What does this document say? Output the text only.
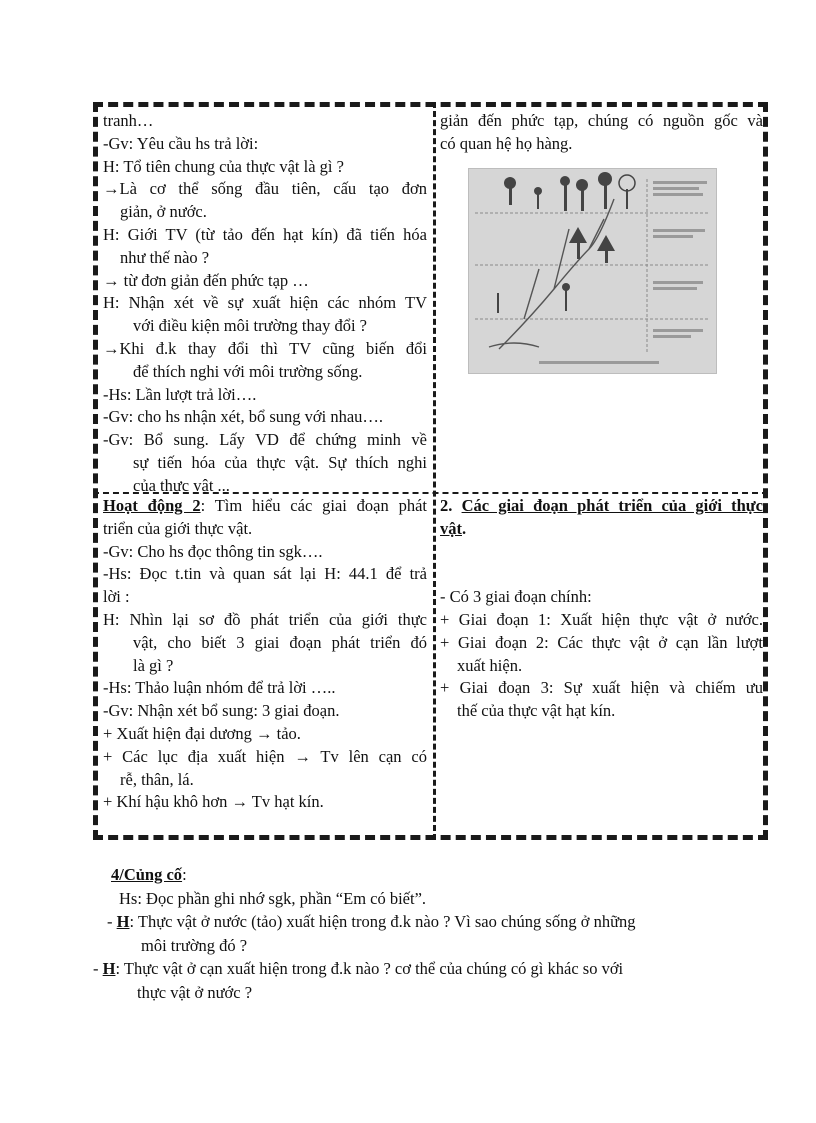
tranh…

-Gv: Yêu cầu hs trả lời:

H: Tổ tiên chung của thực vật là gì ?

→Là cơ thể sống đầu tiên, cấu tạo đơn

giản, ở nước.

H: Giới TV (từ tảo đến hạt kín) đã tiến hóa

như thế nào ?

→ từ đơn giản đến phức tạp …

H: Nhận xét về sự xuất hiện các nhóm TV

với điều kiện môi trường thay đổi ?

→Khi đ.k thay đổi thì TV cũng biến đổi

để thích nghi với môi trường sống.

-Hs: Lần lượt trả lời….

-Gv: cho hs nhận xét, bổ sung với nhau….

-Gv: Bổ sung. Lấy VD để chứng minh về

sự tiến hóa của thực vật. Sự thích nghi

của thực vật ...

giản đến phức tạp, chúng có nguồn gốc và

có quan hệ họ hàng.

Hoạt động 2: Tìm hiểu các giai đoạn phát

triển của giới thực vật.

-Gv: Cho hs đọc thông tin sgk….

-Hs: Đọc t.tin và quan sát lại H: 44.1 để trả

lời :

H: Nhìn lại sơ đồ phát triển của giới thực

vật, cho biết 3 giai đoạn phát triển đó

là gì ?

-Hs: Thảo luận nhóm để trả lời …..

-Gv: Nhận xét bổ sung: 3 giai đoạn.

+ Xuất hiện đại dương → tảo.

+ Các lục địa xuất hiện → Tv lên cạn có

rễ, thân, lá.

+ Khí hậu khô hơn → Tv hạt kín.

2. Các giai đoạn phát triển của giới thực

vật.

- Có 3 giai đoạn chính:

+ Giai đoạn 1: Xuất hiện thực vật ở nước.

+ Giai đoạn 2: Các thực vật ở cạn lần lượt

xuất hiện.

+ Giai đoạn 3: Sự xuất hiện và chiếm ưu

thế của thực vật hạt kín.

4/Củng cố:

Hs: Đọc phần ghi nhớ sgk, phần “Em có biết”.

- H: Thực vật ở nước (tảo) xuất hiện trong đ.k nào ? Vì sao chúng sống ở những

môi trường đó ?

- H: Thực vật ở cạn xuất hiện trong đ.k nào ? cơ thể của chúng có gì khác so với

thực vật ở nước ?
